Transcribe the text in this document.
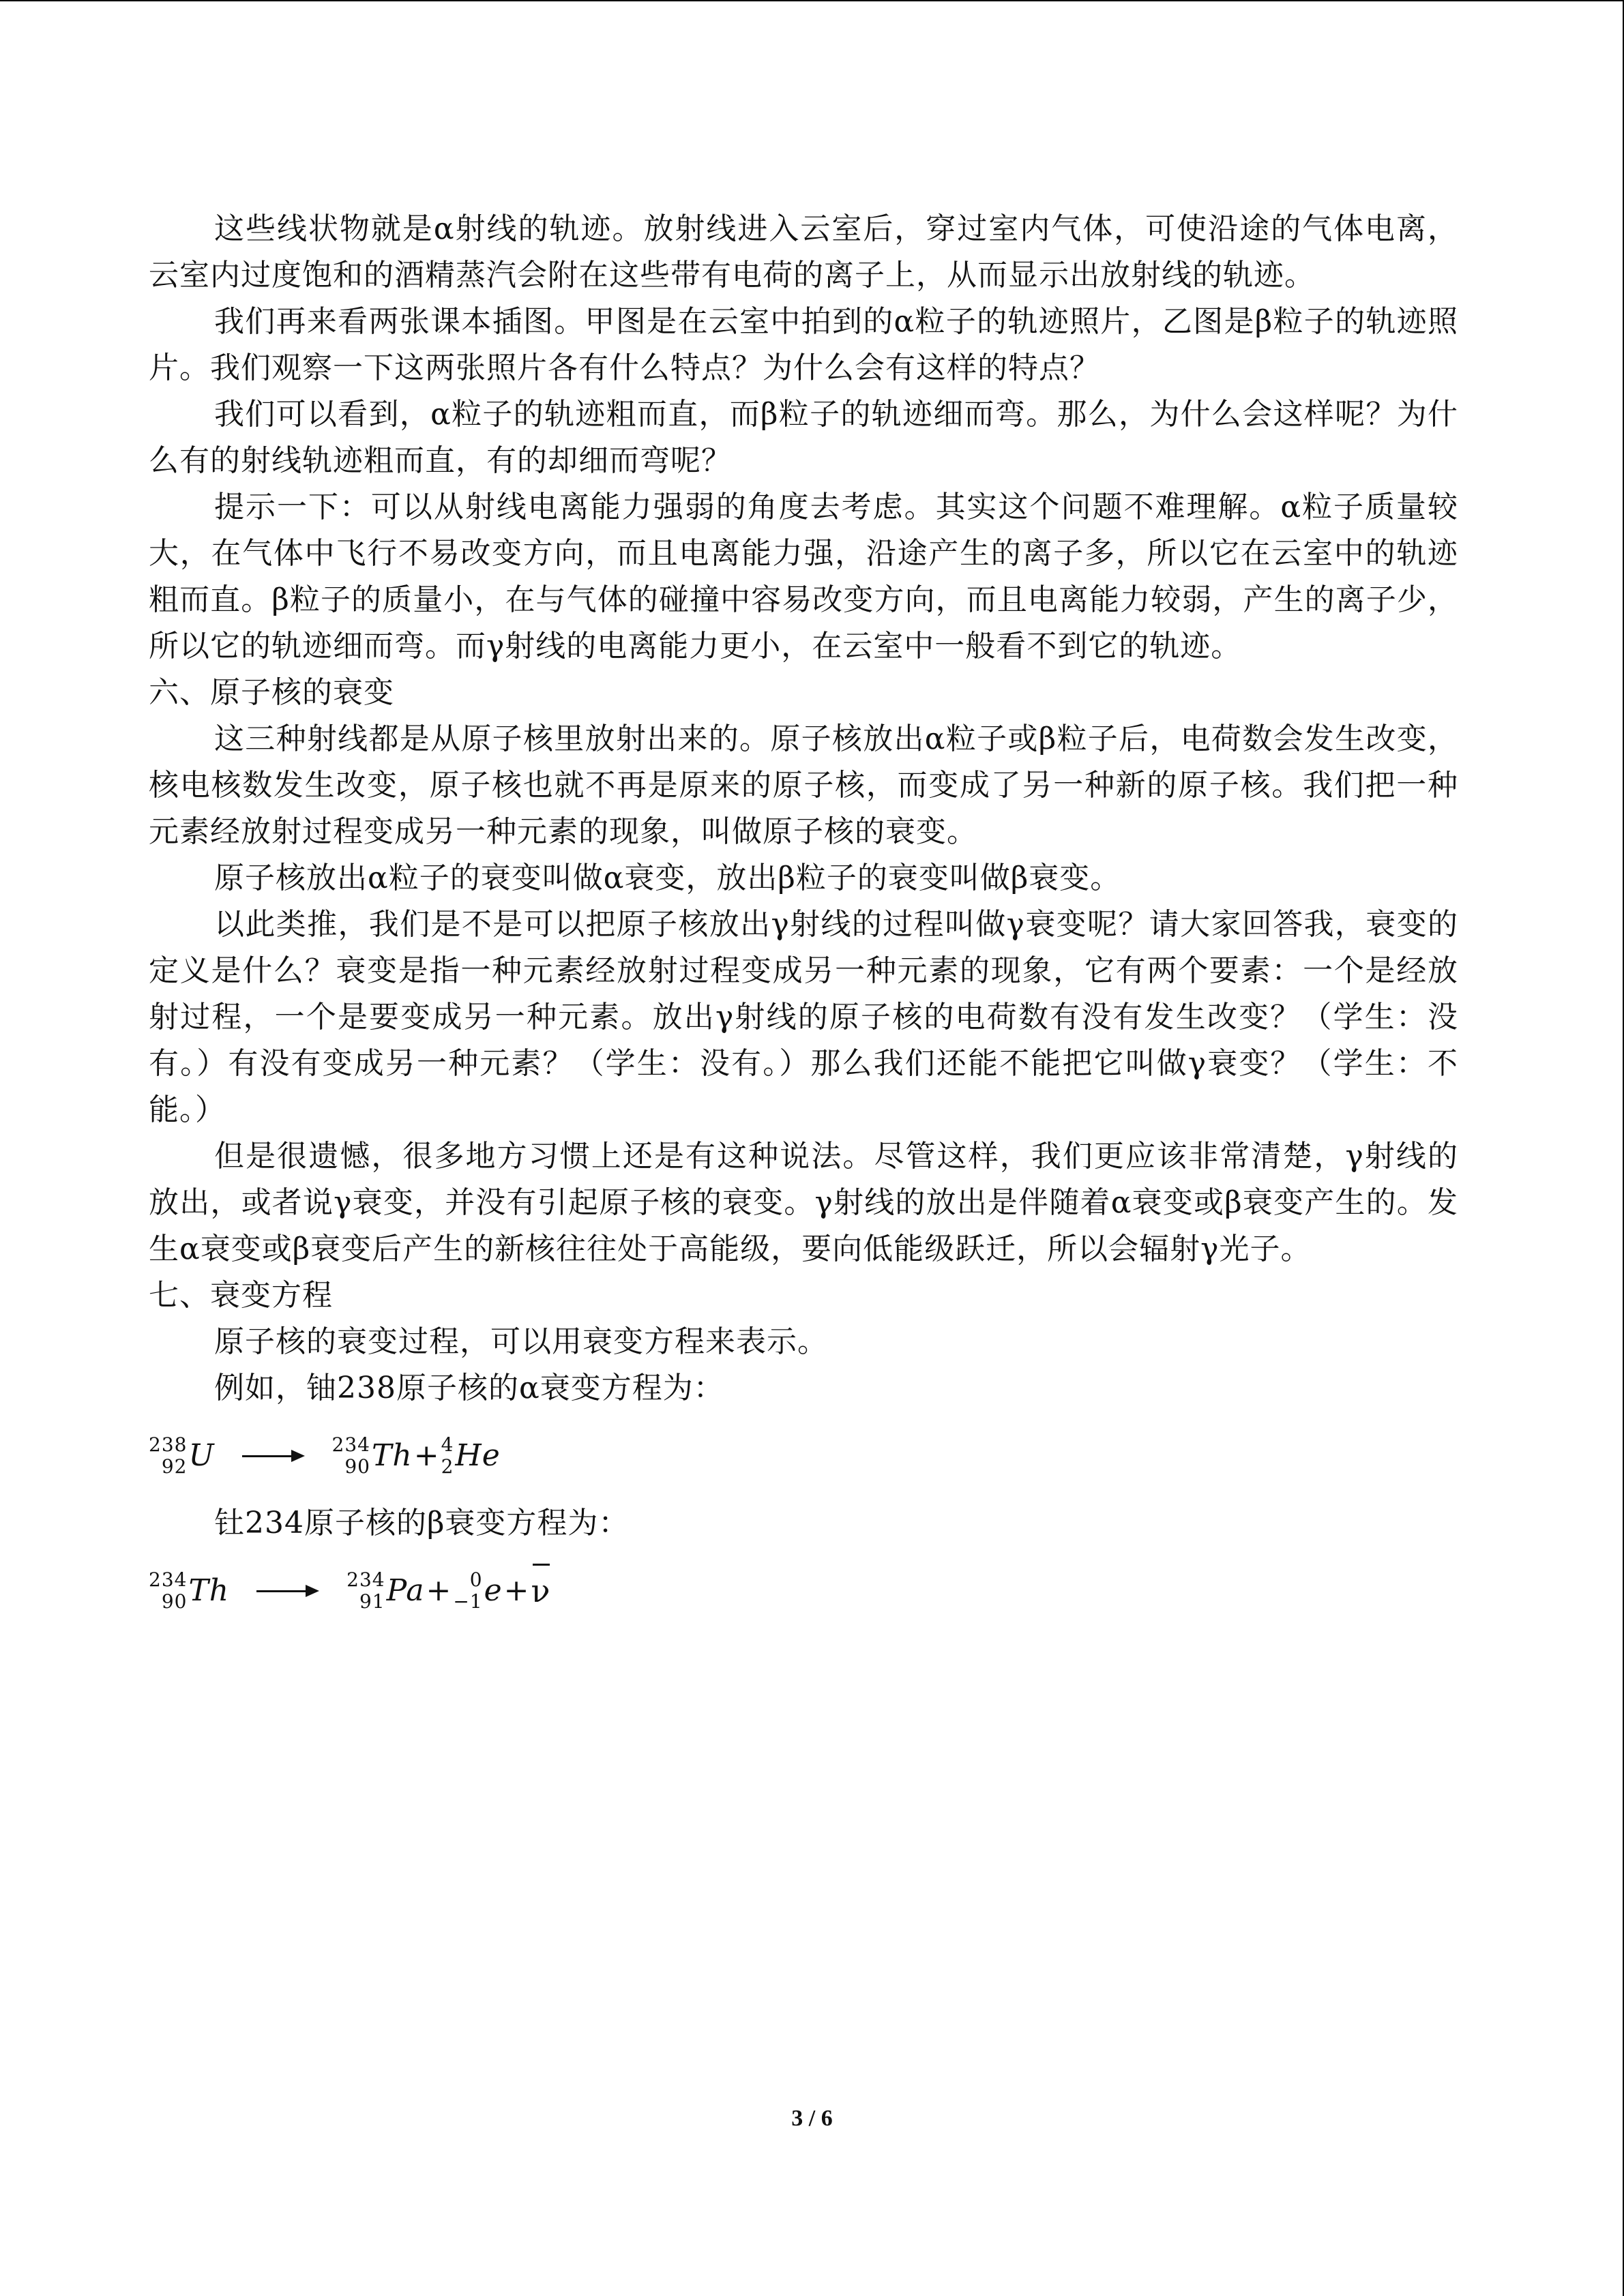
这些线状物就是α射线的轨迹。放射线进入云室后，穿过室内气体，可使沿途的气体电离，云室内过度饱和的酒精蒸汽会附在这些带有电荷的离子上，从而显示出放射线的轨迹。

我们再来看两张课本插图。甲图是在云室中拍到的α粒子的轨迹照片，乙图是β粒子的轨迹照片。我们观察一下这两张照片各有什么特点？为什么会有这样的特点？

我们可以看到，α粒子的轨迹粗而直，而β粒子的轨迹细而弯。那么，为什么会这样呢？为什么有的射线轨迹粗而直，有的却细而弯呢？

提示一下：可以从射线电离能力强弱的角度去考虑。其实这个问题不难理解。α粒子质量较大，在气体中飞行不易改变方向，而且电离能力强，沿途产生的离子多，所以它在云室中的轨迹粗而直。β粒子的质量小，在与气体的碰撞中容易改变方向，而且电离能力较弱，产生的离子少，所以它的轨迹细而弯。而γ射线的电离能力更小，在云室中一般看不到它的轨迹。

六、原子核的衰变

这三种射线都是从原子核里放射出来的。原子核放出α粒子或β粒子后，电荷数会发生改变，核电核数发生改变，原子核也就不再是原来的原子核，而变成了另一种新的原子核。我们把一种元素经放射过程变成另一种元素的现象，叫做原子核的衰变。

原子核放出α粒子的衰变叫做α衰变，放出β粒子的衰变叫做β衰变。

以此类推，我们是不是可以把原子核放出γ射线的过程叫做γ衰变呢？请大家回答我，衰变的定义是什么？衰变是指一种元素经放射过程变成另一种元素的现象，它有两个要素：一个是经放射过程，一个是要变成另一种元素。放出γ射线的原子核的电荷数有没有发生改变？（学生：没有。）有没有变成另一种元素？（学生：没有。）那么我们还能不能把它叫做γ衰变？（学生：不能。）

但是很遗憾，很多地方习惯上还是有这种说法。尽管这样，我们更应该非常清楚，γ射线的放出，或者说γ衰变，并没有引起原子核的衰变。γ射线的放出是伴随着α衰变或β衰变产生的。发生α衰变或β衰变后产生的新核往往处于高能级，要向低能级跃迁，所以会辐射γ光子。

七、衰变方程

原子核的衰变过程，可以用衰变方程来表示。

例如，铀238原子核的α衰变方程为：

238
92 U	234
90 Th + 4
2 He

钍234原子核的β衰变方程为：

234
90 Th	234
91 Pa + 0
−1 e + ν
3 / 6
